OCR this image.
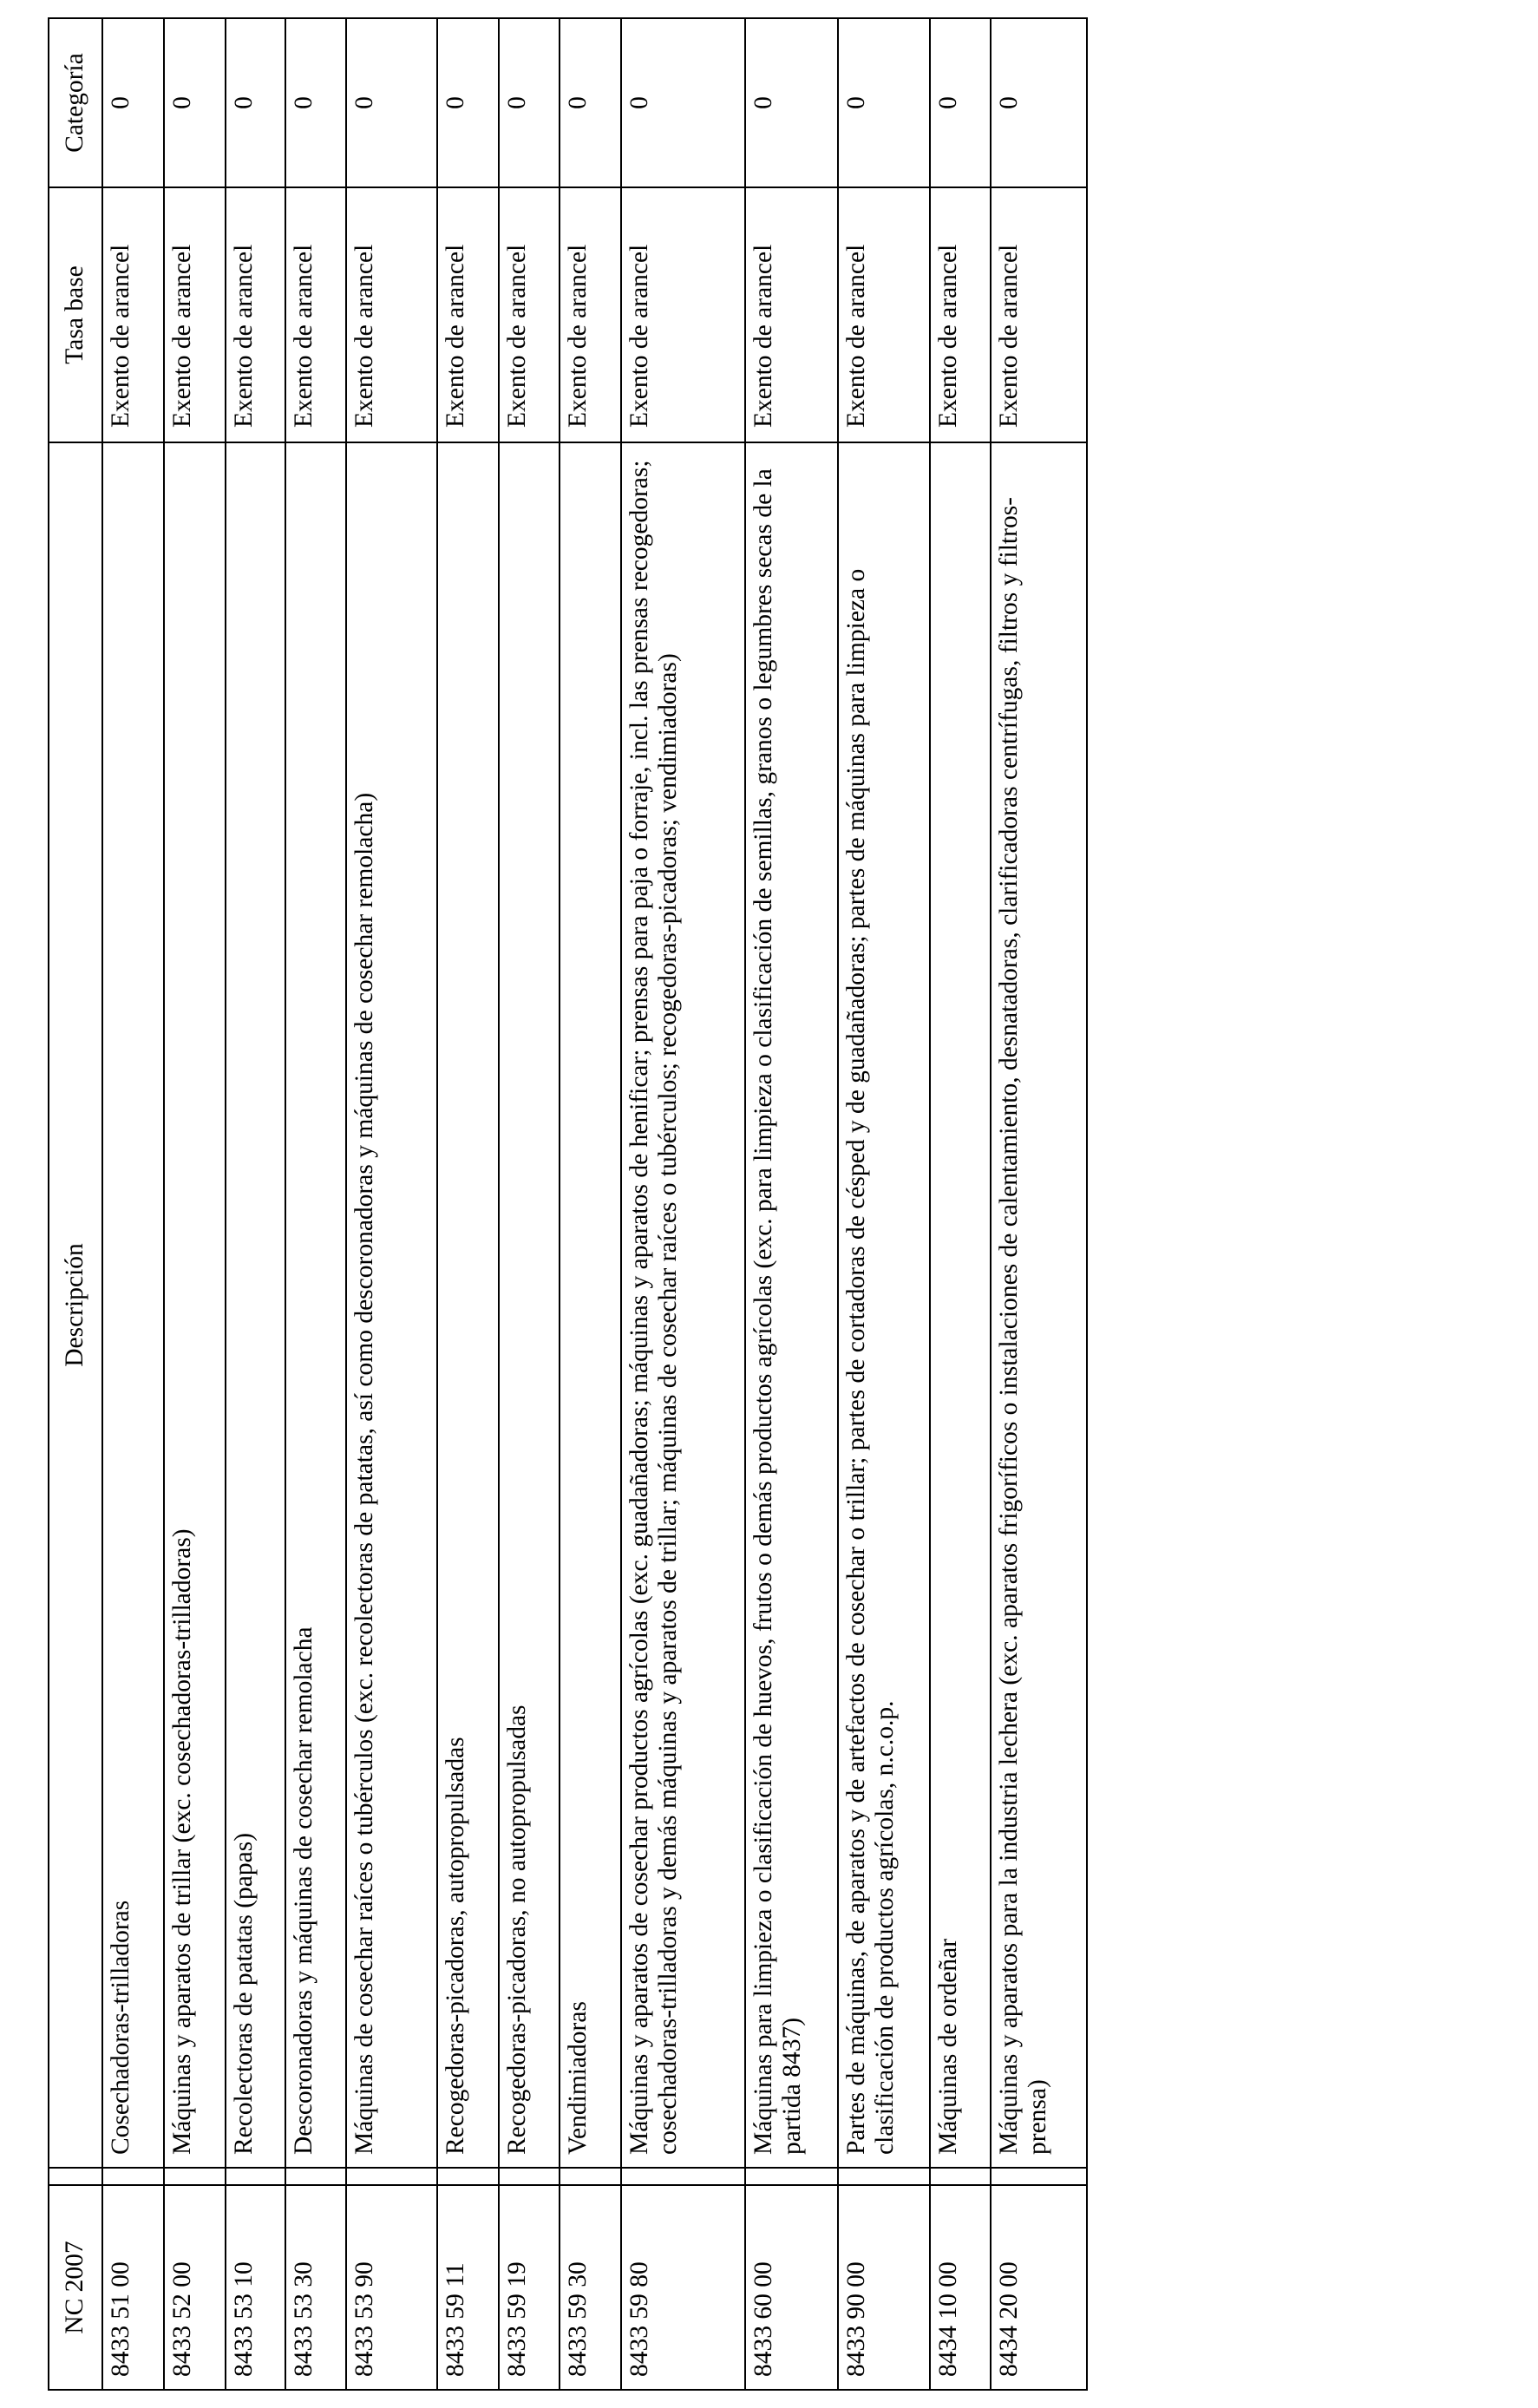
NC 2007		Descripción	Tasa base	Categoría
8433 51 00		Cosechadoras-trilladoras	Exento de arancel	0
8433 52 00		Máquinas y aparatos de trillar (exc. cosechadoras-trilladoras)	Exento de arancel	0
8433 53 10		Recolectoras de patatas (papas)	Exento de arancel	0
8433 53 30		Descoronadoras y máquinas de cosechar remolacha	Exento de arancel	0
8433 53 90		Máquinas de cosechar raíces o tubérculos (exc. recolectoras de patatas, así como descoronadoras y máquinas de cosechar remolacha)	Exento de arancel	0
8433 59 11		Recogedoras-picadoras, autopropulsadas	Exento de arancel	0
8433 59 19		Recogedoras-picadoras, no autopropulsadas	Exento de arancel	0
8433 59 30		Vendimiadoras	Exento de arancel	0
8433 59 80		Máquinas y aparatos de cosechar productos agrícolas (exc. guadañadoras; máquinas y aparatos de henificar; prensas para paja o forraje, incl. las prensas recogedoras; cosechadoras-trilladoras y demás máquinas y aparatos de trillar; máquinas de cosechar raíces o tubérculos; recogedoras-picadoras; vendimiadoras)	Exento de arancel	0
8433 60 00		Máquinas para limpieza o clasificación de huevos, frutos o demás productos agrícolas (exc. para limpieza o clasificación de semillas, granos o legumbres secas de la partida 8437)	Exento de arancel	0
8433 90 00		Partes de máquinas, de aparatos y de artefactos de cosechar o trillar; partes de cortadoras de césped y de guadañadoras; partes de máquinas para limpieza o clasificación de productos agrícolas, n.c.o.p.	Exento de arancel	0
8434 10 00		Máquinas de ordeñar	Exento de arancel	0
8434 20 00		Máquinas y aparatos para la industria lechera (exc. aparatos frigoríficos o instalaciones de calentamiento, desnatadoras, clarificadoras centrífugas, filtros y filtros-prensa)	Exento de arancel	0
